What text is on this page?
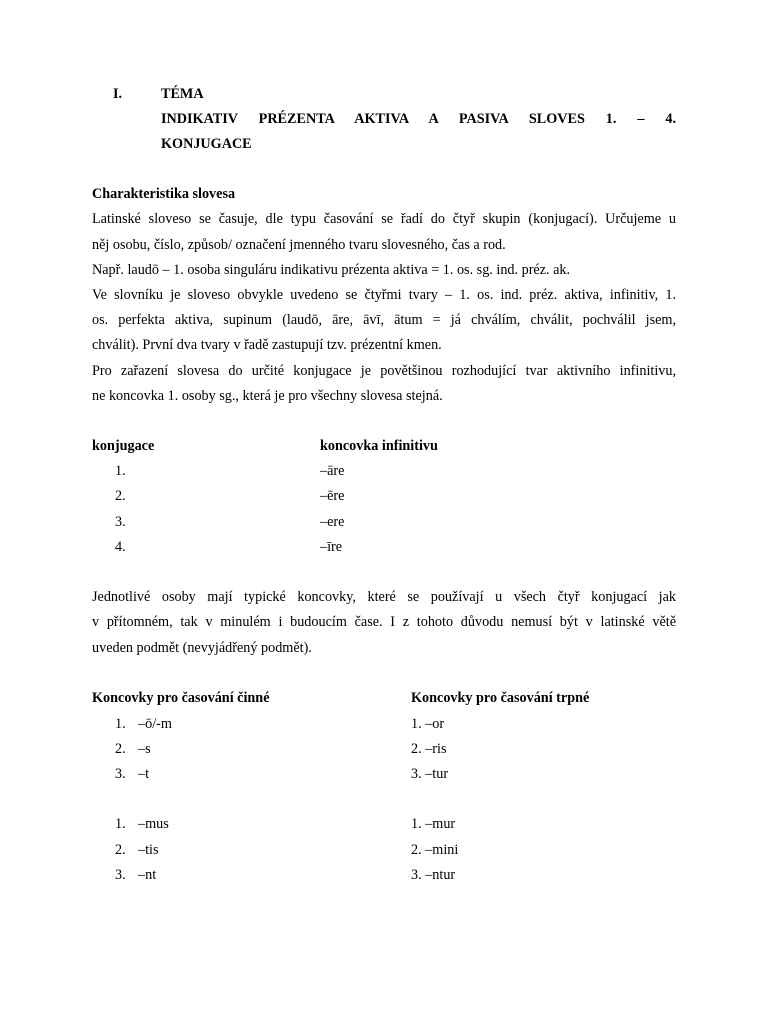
I.	TÉMA
INDIKATIV PRÉZENTA AKTIVA A PASIVA SLOVES 1. – 4.
KONJUGACE
Charakteristika slovesa
Latinské sloveso se časuje, dle typu časování se řadí do čtyř skupin (konjugací). Určujeme u
něj osobu, číslo, způsob/ označení jmenného tvaru slovesného, čas a rod.
Např. laudō – 1. osoba singuláru indikativu prézenta aktiva = 1. os. sg. ind. préz. ak.
Ve slovníku je sloveso obvykle uvedeno se čtyřmi tvary – 1. os. ind. préz. aktiva, infinitiv, 1.
os. perfekta aktiva, supinum (laudō, āre, āvī, ātum = já chválím, chválit, pochválil jsem,
chválit). První dva tvary v řadě zastupují tzv. prézentní kmen.
Pro zařazení slovesa do určité konjugace je povětšinou rozhodující tvar aktivního infinitivu,
ne koncovka 1. osoby sg., která je pro všechny slovesa stejná.
konjugace	koncovka infinitivu
1.	–āre
2.	–ēre
3.	–ere
4.	–īre
Jednotlivé osoby mají typické koncovky, které se používají u všech čtyř konjugací jak
v přítomném, tak v minulém i budoucím čase. I z tohoto důvodu nemusí být v latinské větě
uveden podmět (nevyjádřený podmět).
Koncovky pro časování činné	Koncovky pro časování trpné
1. –ō/-m	1. –or
2. –s	2. –ris
3. –t	3. –tur
1. –mus	1. –mur
2. –tis	2. –mini
3. –nt	3. –ntur
